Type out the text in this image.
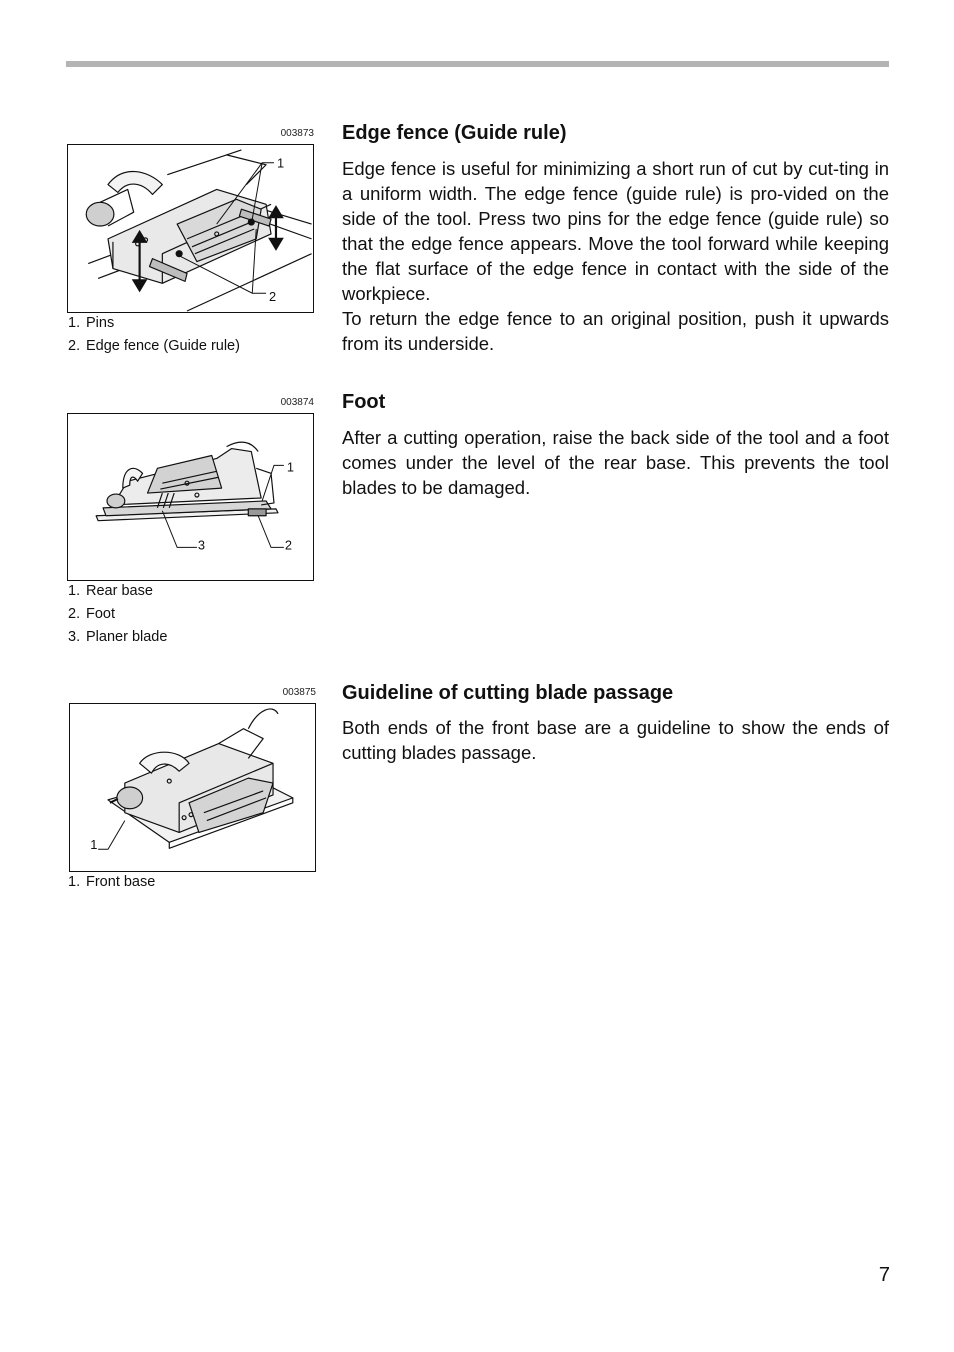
003873
1
2
1. Pins
2. Edge fence (Guide rule)
Edge fence (Guide rule)

Edge fence is useful for minimizing a short run of cut by cut-ting in a uniform width. The edge fence (guide rule) is pro-vided on the side of the tool. Press two pins for the edge fence (guide rule) so that the edge fence appears. Move the tool forward while keeping the flat surface of the edge fence in contact with the side of the workpiece.

To return the edge fence to an original position, push it upwards from its underside.

003874
1
3	2
1. Rear base
2. Foot
3. Planer blade
Foot

After a cutting operation, raise the back side of the tool and a foot comes under the level of the rear base. This prevents the tool blades to be damaged.

003875
1
1. Front base
Guideline of cutting blade passage

Both ends of the front base are a guideline to show the ends of cutting blades passage.

7
